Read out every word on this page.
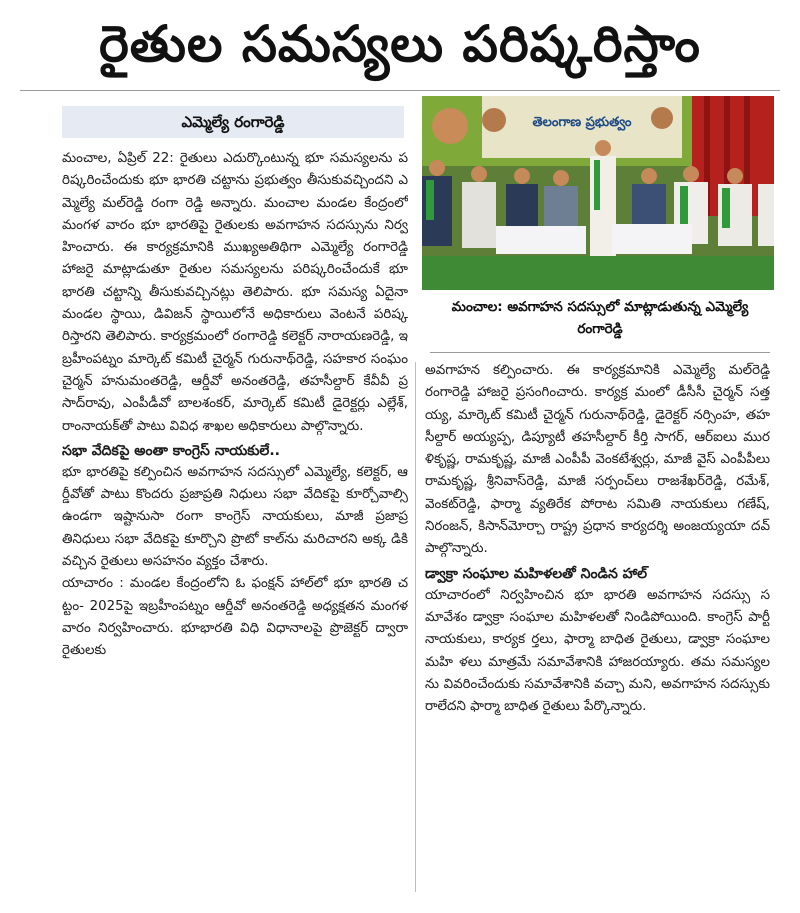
రైతుల సమస్యలు పరిష్కరిస్తాం
ఎమ్మెల్యే రంగారెడ్డి

మంచాల, ఏప్రిల్ 22: రైతులు ఎదుర్కొంటున్న భూ సమస్యలను పరిష్కరించేందుకు భూ భారతి చట్టాను ప్రభుత్వం తీసుకువచ్చిందని ఎమ్మెల్యే మల్‌రెడ్డి రంగా రెడ్డి అన్నారు. మంచాల మండల కేంద్రంలో మంగళ వారం భూ భారతిపై రైతులకు అవగాహన సదస్సును నిర్వహించారు. ఈ కార్యక్రమానికి ముఖ్యఅతిథిగా ఎమ్మెల్యే రంగారెడ్డి హాజరై మాట్లాడుతూ రైతుల సమస్యలను పరిష్కరించేందుకే భూ భారతి చట్టాన్ని తీసుకువచ్చినట్లు తెలిపారు. భూ సమస్య ఏదైనా మండల స్థాయి, డివిజన్ స్థాయిలోనే అధికారులు వెంటనే పరిష్కరిస్తారని తెలిపారు. కార్యక్రమంలో రంగారెడ్డి కలెక్టర్ నారాయణరెడ్డి, ఇబ్రహీంపట్నం మార్కెట్ కమిటీ చైర్మన్ గురునాథ్‌రెడ్డి, సహకార సంఘం చైర్మన్ హనుమంతరెడ్డి, ఆర్డీవో అనంతరెడ్డి, తహసీల్దార్ కేవీవీ ప్రసాద్‌రావు, ఎంపీడీవో బాలశంకర్, మార్కెట్ కమిటీ డైరెక్టర్లు ఎల్లేశ్, రాంనాయక్‌తో పాటు వివిధ శాఖల అధికారులు పాల్గొన్నారు.

సభా వేదికపై అంతా కాంగ్రెస్ నాయకులే..

భూ భారతిపై కల్పించిన అవగాహన సదస్సులో ఎమ్మెల్యే, కలెక్టర్, ఆర్డీవోతో పాటు కొందరు ప్రజాప్రతి నిధులు సభా వేదికపై కూర్చోవాల్సి ఉండగా ఇష్టానుసా రంగా కాంగ్రెస్ నాయకులు, మాజీ ప్రజాప్రతినిధులు సభా వేదికపై కూర్చొని ప్రొటో కాల్‌ను మరిచారని అక్క డికి వచ్చిన రైతులు అసహనం వ్యక్తం చేశారు.

యాచారం : మండల కేంద్రంలోని ఓ ఫంక్షన్ హాల్‌లో భూ భారతి చట్టం- 2025పై ఇబ్రహీంపట్నం ఆర్డీవో అనంతరెడ్డి అధ్యక్షతన మంగళవారం నిర్వహించారు. భూభారతి విధి విధానాలపై ప్రొజెక్టర్ ద్వారా రైతులకు

తెలంగాణ ప్రభుత్వం
మంచాల: అవగాహన సదస్సులో మాట్లాడుతున్న ఎమ్మెల్యే రంగారెడ్డి

అవగాహన కల్పించారు. ఈ కార్యక్రమానికి ఎమ్మెల్యే మల్‌రెడ్డి రంగారెడ్డి హాజరై ప్రసంగించారు. కార్యక్ర మంలో డీసీసీ చైర్మన్ సత్తయ్య, మార్కెట్ కమిటీ చైర్మన్ గురునాథ్‌రెడ్డి, డైరెక్టర్ నర్సింహ, తహసీల్దార్ అయ్యప్ప, డిప్యూటీ తహసీల్దార్ కీర్తి సాగర్, ఆర్ఐలు మురళికృష్ణ, రామకృష్ణ, మాజీ ఎంపీపీ వెంకటేశ్వర్లు, మాజీ వైస్ ఎంపీపీలు రామకృష్ణ, శ్రీనివాస్‌రెడ్డి, మాజీ సర్పంచ్‌లు రాజశేఖర్‌రెడ్డి, రమేశ్, వెంకట్‌రెడ్డి, ఫార్మా వ్యతిరేక పోరాట సమితి నాయకులు గణేష్, నిరంజన్, కిసాన్‌మోర్చా రాష్ట్ర ప్రధాన కార్యదర్శి అంజయ్యయా దవ్ పాల్గొన్నారు.

డ్వాక్రా సంఘాల మహిళలతో నిండిన హాల్

యాచారంలో నిర్వహించిన భూ భారతి అవగాహన సదస్సు సమావేశం డ్వాక్రా సంఘాల మహిళలతో నిండిపోయింది. కాంగ్రెస్ పార్టీ నాయకులు, కార్యక ర్తలు, ఫార్మా బాధిత రైతులు, డ్వాక్రా సంఘాల మహి ళలు మాత్రమే సమావేశానికి హాజరయ్యారు. తమ సమస్యలను వివరించేందుకు సమావేశానికి వచ్చా మని, అవగాహన సదస్సుకు రాలేదని ఫార్మా బాధిత రైతులు పేర్కొన్నారు.
